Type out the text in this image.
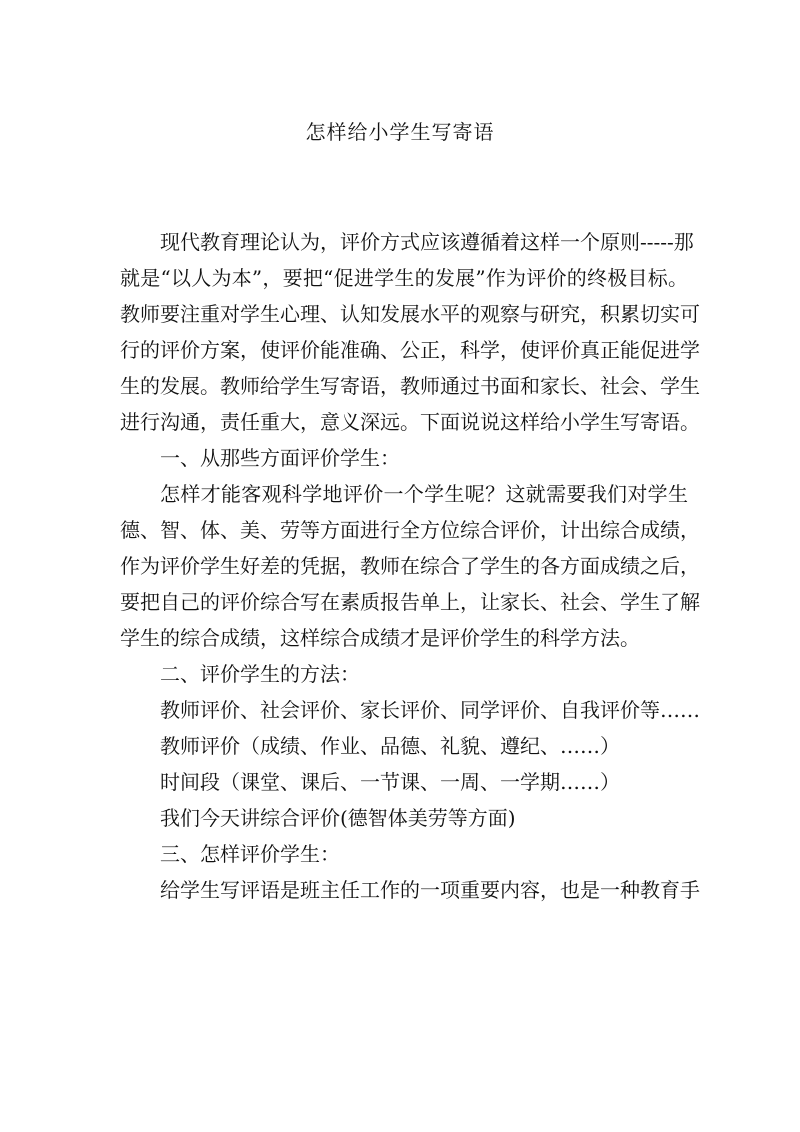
怎样给小学生写寄语
现代教育理论认为，评价方式应该遵循着这样一个原则-----那
就是“以人为本”，要把“促进学生的发展”作为评价的终极目标。
教师要注重对学生心理、认知发展水平的观察与研究，积累切实可
行的评价方案，使评价能准确、公正，科学，使评价真正能促进学
生的发展。教师给学生写寄语，教师通过书面和家长、社会、学生
进行沟通，责任重大，意义深远。下面说说这样给小学生写寄语。
一、从那些方面评价学生：
怎样才能客观科学地评价一个学生呢？这就需要我们对学生
德、智、体、美、劳等方面进行全方位综合评价，计出综合成绩，
作为评价学生好差的凭据，教师在综合了学生的各方面成绩之后，
要把自己的评价综合写在素质报告单上，让家长、社会、学生了解
学生的综合成绩，这样综合成绩才是评价学生的科学方法。
二、评价学生的方法：
教师评价、社会评价、家长评价、同学评价、自我评价等……
教师评价（成绩、作业、品德、礼貌、遵纪、……）
时间段（课堂、课后、一节课、一周、一学期……）
我们今天讲综合评价(德智体美劳等方面)
三、怎样评价学生：
给学生写评语是班主任工作的一项重要内容，也是一种教育手
